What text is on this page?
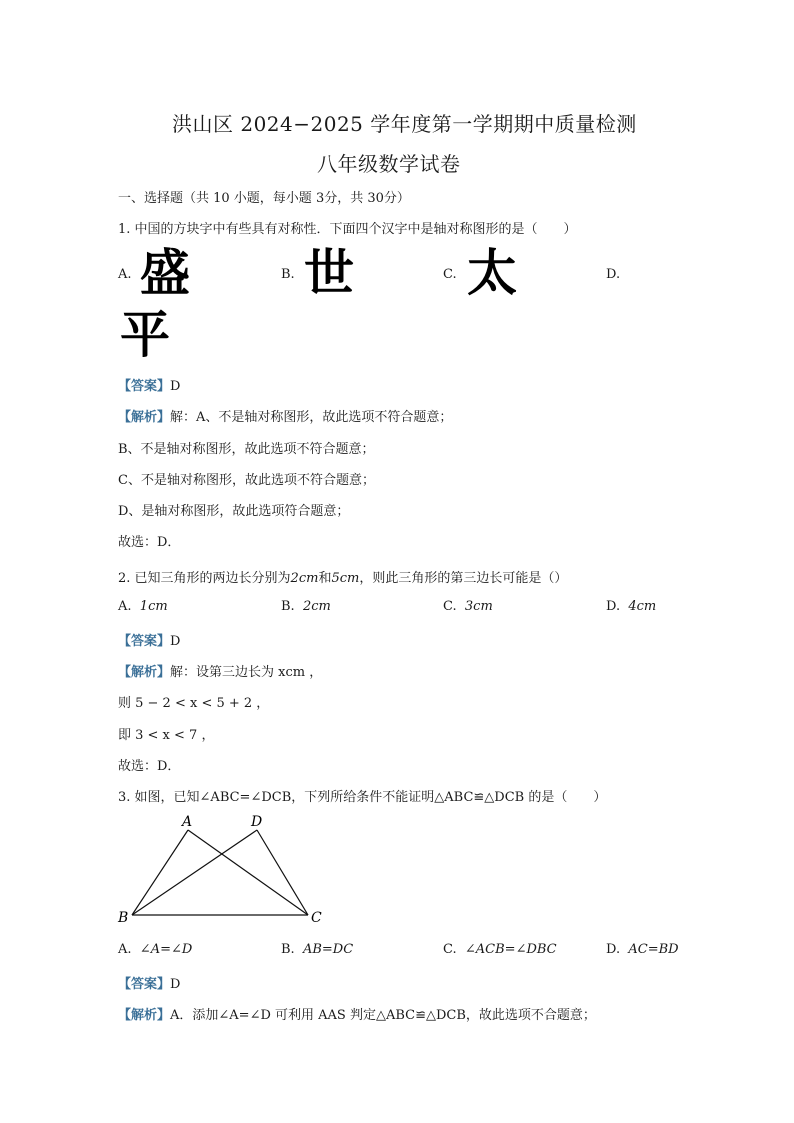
洪山区 2024−2025 学年度第一学期期中质量检测
八年级数学试卷
一、选择题（共 10 小题，每小题 3分，共 30分）
1. 中国的方块字中有些具有对称性．下面四个汉字中是轴对称图形的是（　　）
A. 盛	B. 世	C. 太	D.
平
【答案】D
【解析】解：A、不是轴对称图形，故此选项不符合题意；
B、不是轴对称图形，故此选项不符合题意；
C、不是轴对称图形，故此选项不符合题意；
D、是轴对称图形，故此选项符合题意；
故选：D．
2. 已知三角形的两边长分别为2cm和5cm，则此三角形的第三边长可能是（）
A. 1cm	B. 2cm	C. 3cm	D. 4cm
【答案】D
【解析】解：设第三边长为 xcm ，
则 5 − 2 < x < 5 + 2 ，
即 3 < x < 7 ，
故选：D．
3. 如图，已知∠ABC=∠DCB，下列所给条件不能证明△ABC≌△DCB 的是（　　）
A	D
B	C
A. ∠A=∠D	B. AB=DC	C. ∠ACB=∠DBC	D. AC=BD
【答案】D
【解析】A．添加∠A=∠D 可利用 AAS 判定△ABC≌△DCB，故此选项不合题意；
